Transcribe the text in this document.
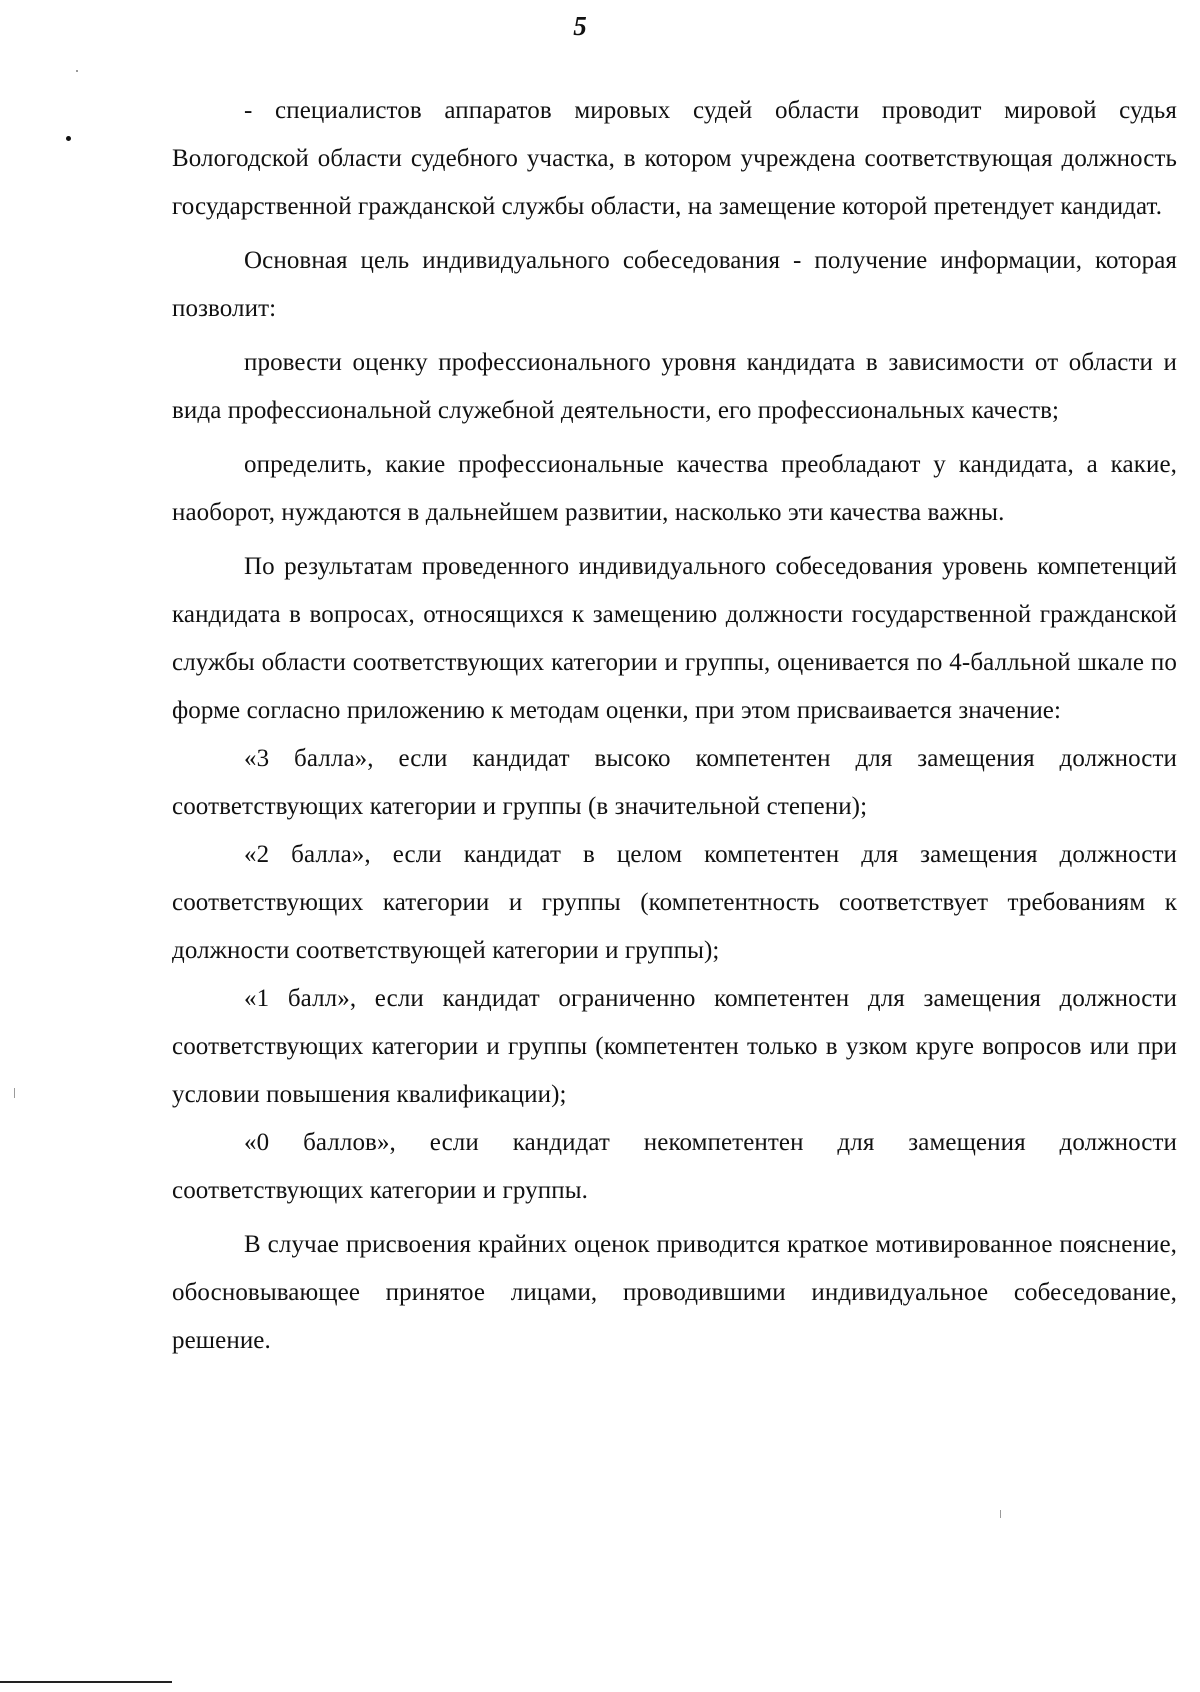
5

- специалистов аппаратов мировых судей области проводит мировой судья Вологодской области судебного участка, в котором учреждена соответствующая должность государственной гражданской службы области, на замещение которой претендует кандидат.

Основная цель индивидуального собеседования - получение информации, которая позволит:

провести оценку профессионального уровня кандидата в зависимости от области и вида профессиональной служебной деятельности, его профессиональных качеств;

определить, какие профессиональные качества преобладают у кандидата, а какие, наоборот, нуждаются в дальнейшем развитии, насколько эти качества важны.

По результатам проведенного индивидуального собеседования уровень компетенций кандидата в вопросах, относящихся к замещению должности государственной гражданской службы области соответствующих категории и группы, оценивается по 4-балльной шкале по форме согласно приложению к методам оценки, при этом присваивается значение:

«3 балла», если кандидат высоко компетентен для замещения должности соответствующих категории и группы (в значительной степени);

«2 балла», если кандидат в целом компетентен для замещения должности соответствующих категории и группы (компетентность соответствует требованиям к должности соответствующей категории и группы);

«1 балл», если кандидат ограниченно компетентен для замещения должности соответствующих категории и группы (компетентен только в узком круге вопросов или при условии повышения квалификации);

«0 баллов», если кандидат некомпетентен для замещения должности соответствующих категории и группы.

В случае присвоения крайних оценок приводится краткое мотивированное пояснение, обосновывающее принятое лицами, проводившими индивидуальное собеседование, решение.
